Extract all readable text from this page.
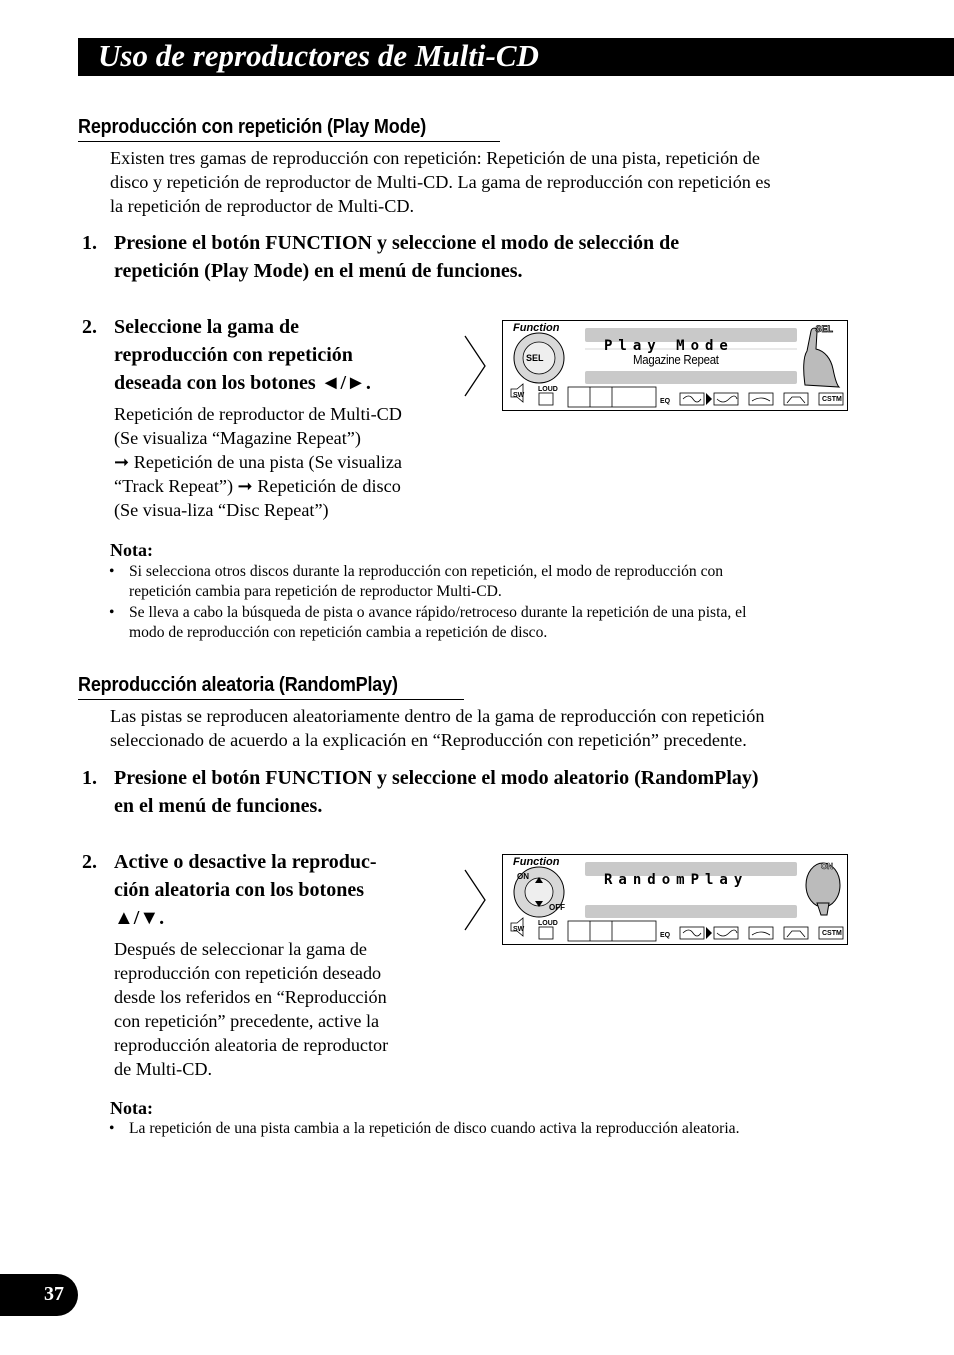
Uso de reproductores de Multi-CD
Reproducción con repetición (Play Mode)
Existen tres gamas de reproducción con repetición: Repetición de una pista, repetición de
disco y repetición de reproductor de Multi-CD. La gama de reproducción con repetición es
la repetición de reproductor de Multi-CD.
1. Presione el botón FUNCTION y seleccione el modo de selección de
repetición (Play Mode) en el menú de funciones.
2. Seleccione la gama de
reproducción con repetición
deseada con los botones ◄/►.
Repetición de reproductor de Multi-CD
(Se visualiza “Magazine Repeat”)
➞ Repetición de una pista (Se visualiza
“Track Repeat”) ➞ Repetición de disco
(Se visua-liza “Disc Repeat”)
Function
Play Mode
Magazine Repeat
SEL
SEL
SW
LOUD
EQ	CSTM
Nota:
• Si selecciona otros discos durante la reproducción con repetición, el modo de reproducción con
repetición cambia para repetición de reproductor Multi-CD.
• Se lleva a cabo la búsqueda de pista o avance rápido/retroceso durante la repetición de una pista, el
modo de reproducción con repetición cambia a repetición de disco.
Reproducción aleatoria (RandomPlay)
Las pistas se reproducen aleatoriamente dentro de la gama de reproducción con repetición
seleccionado de acuerdo a la explicación en “Reproducción con repetición” precedente.
1. Presione el botón FUNCTION y seleccione el modo aleatorio (RandomPlay)
en el menú de funciones.
2. Active o desactive la reproduc-
ción aleatoria con los botones
▲/▼.
Después de seleccionar la gama de
reproducción con repetición deseado
desde los referidos en “Reproducción
con repetición” precedente, active la
reproducción aleatoria de reproductor
de Multi-CD.
Function
RandomPlay
ON
OFF
ON
SW
LOUD
EQ	CSTM
Nota:
• La repetición de una pista cambia a la repetición de disco cuando activa la reproducción aleatoria.
37
